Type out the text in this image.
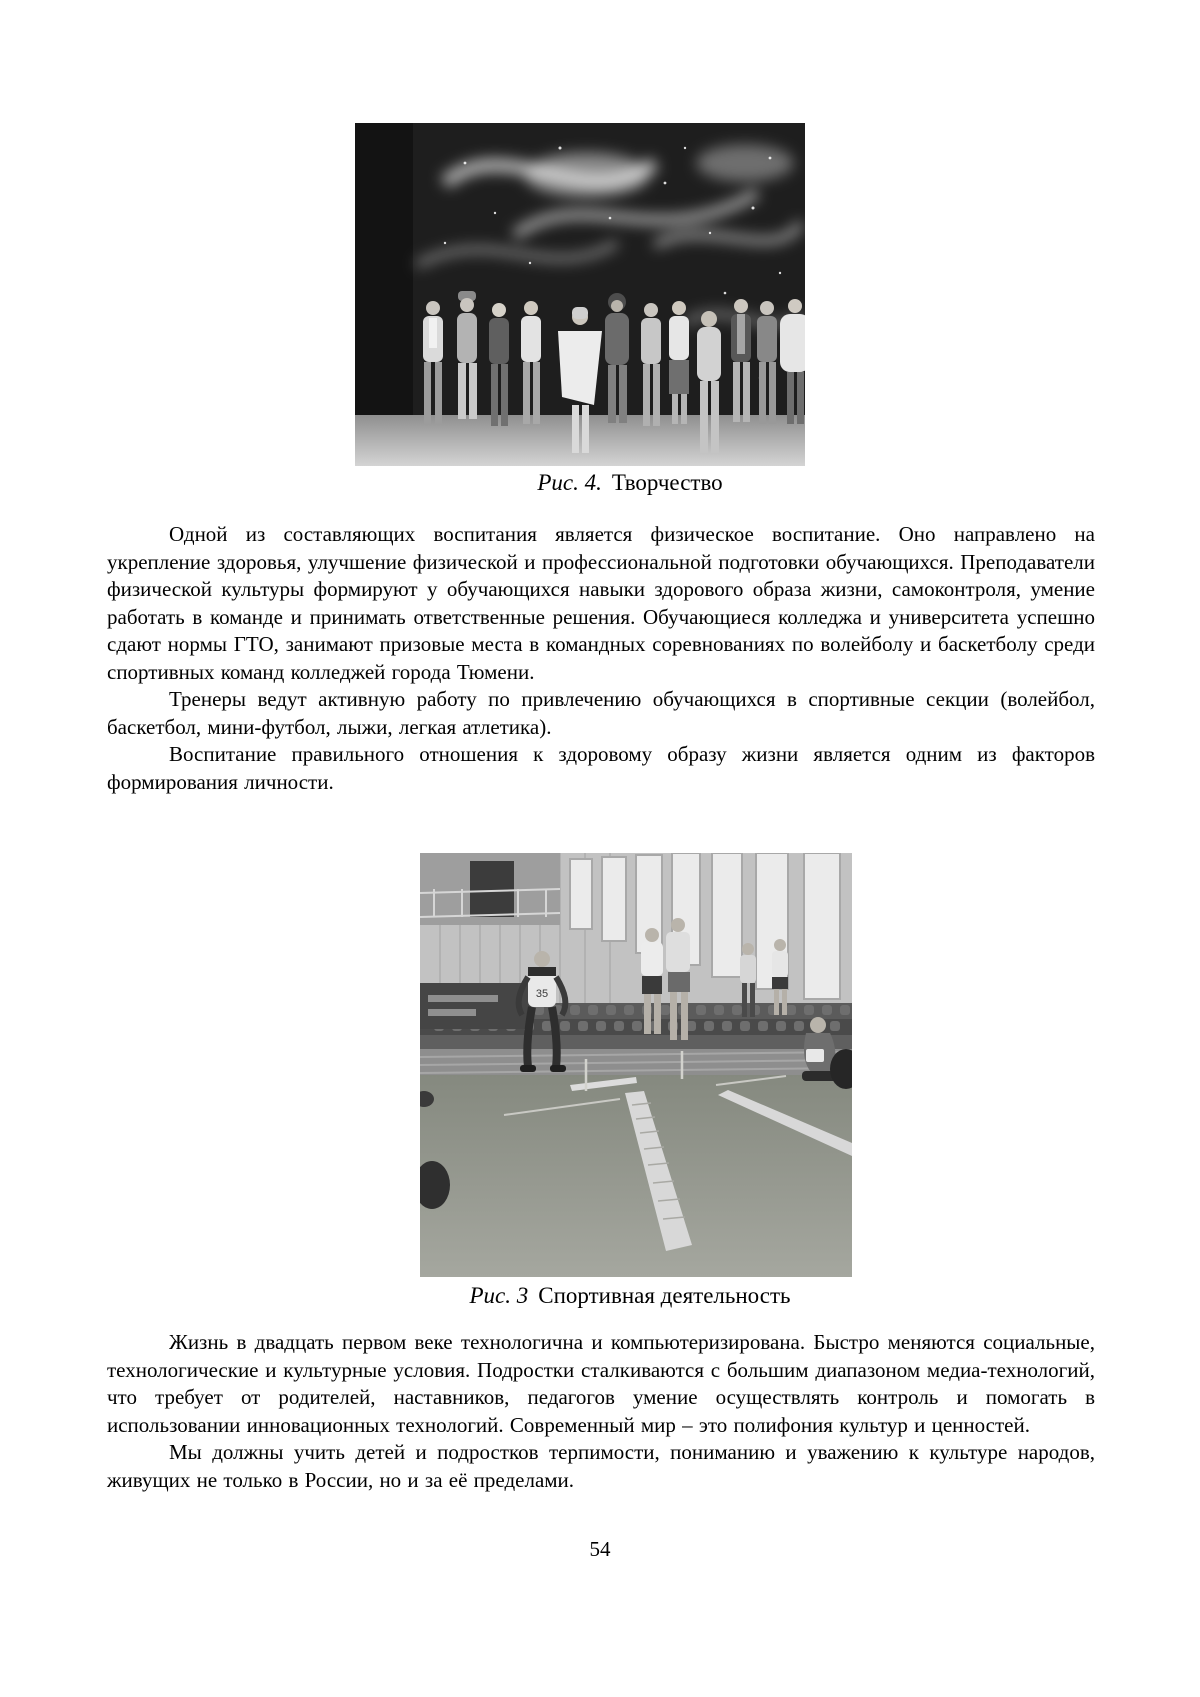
Рис. 4. Творчество

Одной из составляющих воспитания является физическое воспитание. Оно направлено на укрепление здоровья, улучшение физической и профессиональной подготовки обучающихся. Преподаватели физической культуры формируют у обучающихся навыки здорового образа жизни, самоконтроля, умение работать в команде и принимать ответственные решения. Обучающиеся колледжа и университета успешно сдают нормы ГТО, занимают призовые места в командных соревнованиях по волейболу и баскетболу среди спортивных команд колледжей города Тюмени.

Тренеры ведут активную работу по привлечению обучающихся в спортивные секции (волейбол, баскетбол, мини-футбол, лыжи, легкая атлетика).

Воспитание правильного отношения к здоровому образу жизни является одним из факторов формирования личности.

35
Рис. 3 Спортивная деятельность

Жизнь в двадцать первом веке технологична и компьютеризирована. Быстро меняются социальные, технологические и культурные условия. Подростки сталкиваются с большим диапазоном медиа-технологий, что требует от родителей, наставников, педагогов умение осуществлять контроль и помогать в использовании инновационных технологий. Современный мир – это полифония культур и ценностей.

Мы должны учить детей и подростков терпимости, пониманию и уважению к культуре народов, живущих не только в России, но и за её пределами.

54
